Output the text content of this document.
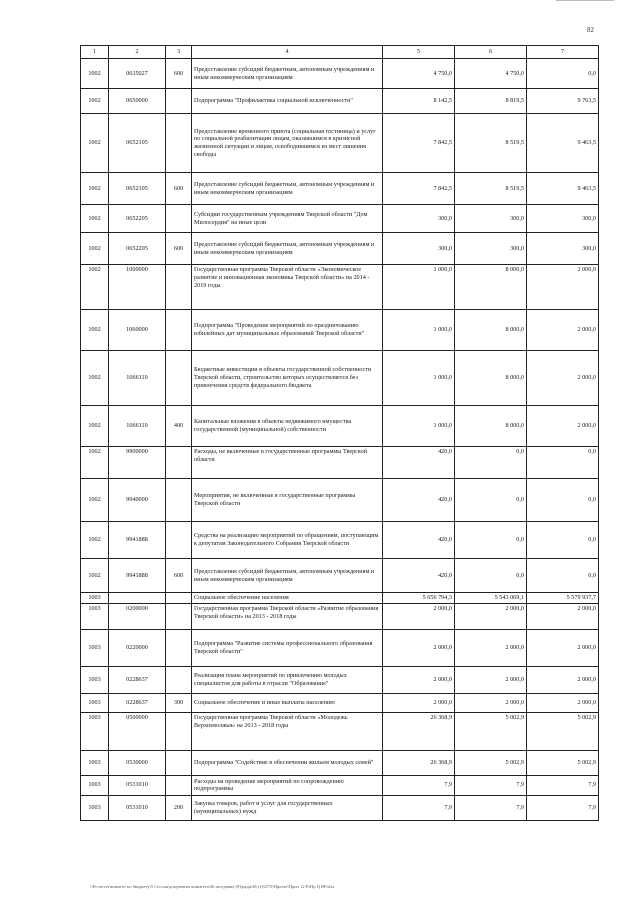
82
1	2	3	4	5	6	7
1002	0635027	600	Предоставление субсидий бюджетным, автономным учреждениям и иным некоммерческим организациям	4 750,0	4 750,0	0,0
1002	0650000		Подпрограмма "Профилактика социальной исключенности"	8 142,5	8 819,5	9 763,5
1002	0652105		Предоставление временного приюта (социальная гостиница) и услуг по социальной реабилитации лицам, оказавшимся в кризисной жизненной ситуации и лицам, освободившимся из мест лишения свободы	7 842,5	8 519,5	9 463,5
1002	0652105	600	Предоставление субсидий бюджетным, автономным учреждениям и иным некоммерческим организациям	7 842,5	8 519,5	9 463,5
1002	0652205		Субсидии государственным учреждениям Тверской области "Дом Милосердия" на иные цели	300,0	300,0	300,0
1002	0652205	600	Предоставление субсидий бюджетным, автономным учреждениям и иным некоммерческим организациям	300,0	300,0	300,0
1002	1000000		Государственная программа Тверской области «Экономическое развитие и инновационная экономика Тверской области» на 2014 - 2019 годы	1 000,0	8 000,0	2 000,0
1002	1060000		Подпрограмма "Проведение мероприятий по праздничованию юбилейных дат муниципальных образований Тверской области"	1 000,0	8 000,0	2 000,0
1002	1066110		Бюджетные инвестиции в объекты государственной собственности Тверской области, строительство которых осуществляется без привлечения средств федерального бюджета	1 000,0	8 000,0	2 000,0
1002	1066110	400	Капитальные вложения в объекты недвижимого имущества государственной (муниципальной) собственности	1 000,0	8 000,0	2 000,0
1002	9900000		Расходы, не включенные в государственные программы Тверской области	420,0	0,0	0,0
1002	9940000		Мероприятия, не включенные в государственные программы Тверской области	420,0	0,0	0,0
1002	9941888		Средства на реализацию мероприятий по обращениям, поступающим к депутатам Законодательного Собрания Тверской области	420,0	0,0	0,0
1002	9941888	600	Предоставление субсидий бюджетным, автономным учреждениям и иным некоммерческим организациям	420,0	0,0	0,0
1003			Социальное обеспечение населения	5 656 794,3	5 543 069,1	5 579 937,7
1003	0200000		Государственная программа Тверской области «Развитие образования Тверской области» на 2013 - 2018 годы	2 000,0	2 000,0	2 000,0
1003	0220000		Подпрограмма "Развитие системы профессионального образования Тверской области"	2 000,0	2 000,0	2 000,0
1003	0228637		Реализация плана мероприятий по привлечению молодых специалистов для работы в отрасли "Образование"	2 000,0	2 000,0	2 000,0
1003	0228637	300	Социальное обеспечение и иные выплаты населению	2 000,0	2 000,0	2 000,0
1003	0500000		Государственная программа Тверской области «Молодежь Верхневолжья» на 2013 - 2018 годы	26 368,9	5 002,9	5 002,9
1003	0530000		Подпрограмма "Содействие в обеспечении жильем молодых семей"	26 368,9	5 002,9	5 002,9
1003	0531010		Расходы на проведение мероприятий по сопровождению подпрограммы	7,9	7,9	7,9
1003	0531010	200	Закупка товаров, работ и услуг для государственных (муниципальных) нужд	7,9	7,9	7,9
\\Fs-server\комитет по бюджету\5 Сессия\документы комитета\46 заседание (9)\ради\46 (1)\47\5\Проект\Прил 12 РзПр Ц ВР.xlsx
